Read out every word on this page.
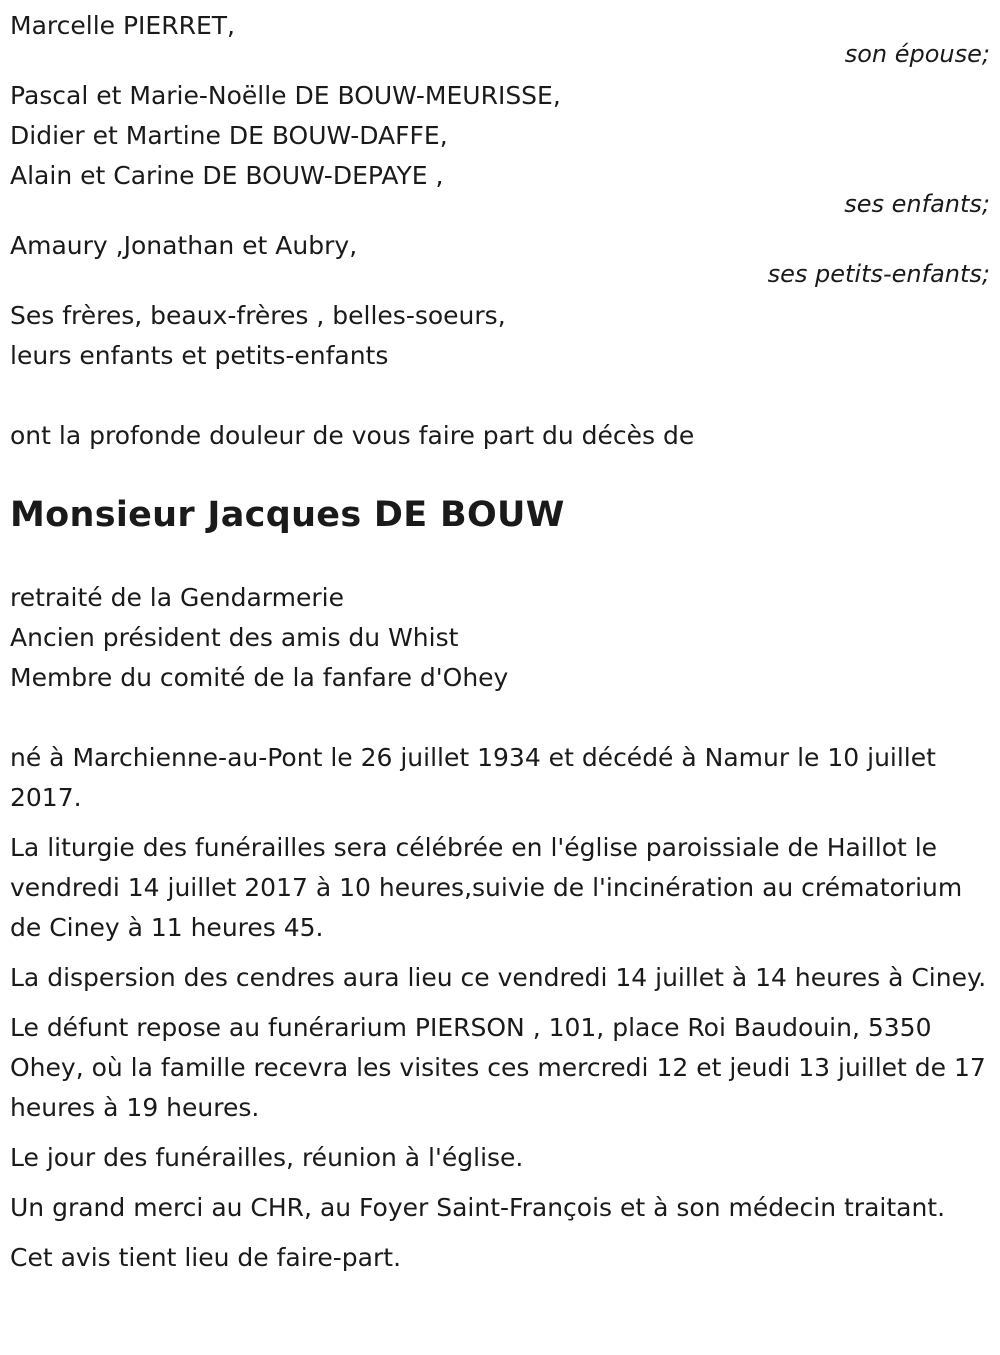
Marcelle PIERRET,
son épouse;
Pascal et Marie-Noëlle DE BOUW-MEURISSE,
Didier et Martine DE BOUW-DAFFE,
Alain et Carine DE BOUW-DEPAYE ,
ses enfants;
Amaury ,Jonathan et Aubry,
ses petits-enfants;
Ses frères, beaux-frères , belles-soeurs,
leurs enfants et petits-enfants

ont la profonde douleur de vous faire part du décès de

Monsieur Jacques DE BOUW
retraité de la Gendarmerie
Ancien président des amis du Whist
Membre du comité de la fanfare d'Ohey

né à Marchienne-au-Pont le 26 juillet 1934 et décédé à Namur le 10 juillet 2017.

La liturgie des funérailles sera célébrée en l'église paroissiale de Haillot le vendredi 14 juillet 2017 à 10 heures,suivie de l'incinération au crématorium de Ciney à 11 heures 45.

La dispersion des cendres aura lieu ce vendredi 14 juillet à 14 heures à Ciney.

Le défunt repose au funérarium PIERSON , 101, place Roi Baudouin, 5350 Ohey, où la famille recevra les visites ces mercredi 12 et jeudi 13 juillet de 17 heures à 19 heures.

Le jour des funérailles, réunion à l'église.

Un grand merci au CHR, au Foyer Saint-François et à son médecin traitant.

Cet avis tient lieu de faire-part.
